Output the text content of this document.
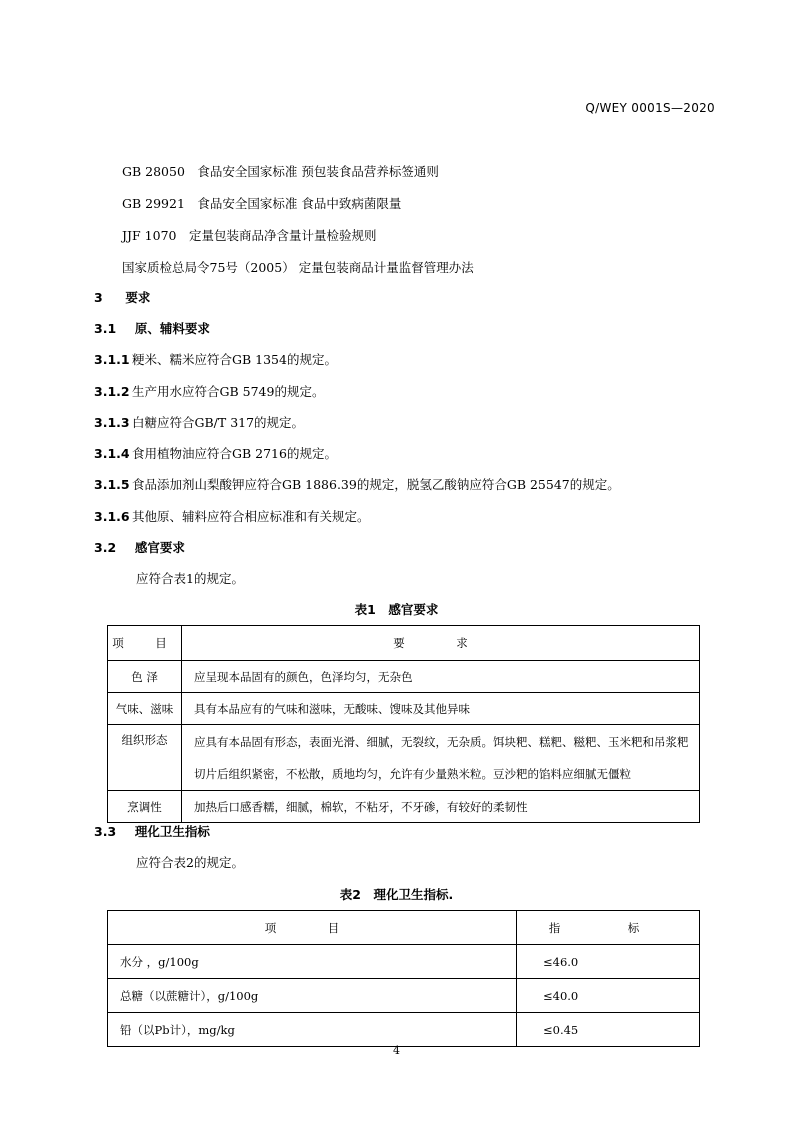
Q/WEY 0001S—2020
GB 28050　食品安全国家标准 预包装食品营养标签通则
GB 29921　食品安全国家标准 食品中致病菌限量
JJF 1070　定量包装商品净含量计量检验规则
国家质检总局令75号（2005） 定量包装商品计量监督管理办法
3 要求
3.1 原、辅料要求
3.1.1 粳米、糯米应符合GB 1354的规定。
3.1.2 生产用水应符合GB 5749的规定。
3.1.3 白糖应符合GB/T 317的规定。
3.1.4 食用植物油应符合GB 2716的规定。
3.1.5 食品添加剂山梨酸钾应符合GB 1886.39的规定，脱氢乙酸钠应符合GB 25547的规定。
3.1.6 其他原、辅料应符合相应标准和有关规定。
3.2 感官要求
应符合表1的规定。
表1　感官要求
项　目	要　求
色 泽	应呈现本品固有的颜色，色泽均匀，无杂色
气味、滋味	具有本品应有的气味和滋味，无酸味、馊味及其他异味
组织形态	应具有本品固有形态，表面光滑、细腻，无裂纹，无杂质。饵块粑、糕粑、糍粑、玉米粑和吊浆粑切片后组织紧密，不松散，质地均匀，允许有少量熟米粒。豆沙粑的馅料应细腻无僵粒
烹调性	加热后口感香糯，细腻，棉软，不粘牙，不牙碜，有较好的柔韧性
3.3 理化卫生指标
应符合表2的规定。
表2　理化卫生指标.
项　目	指　标
水分 ，g/100g	≤46.0
总糖（以蔗糖计），g/100g	≤40.0
铅（以Pb计），mg/kg	≤0.45
4
